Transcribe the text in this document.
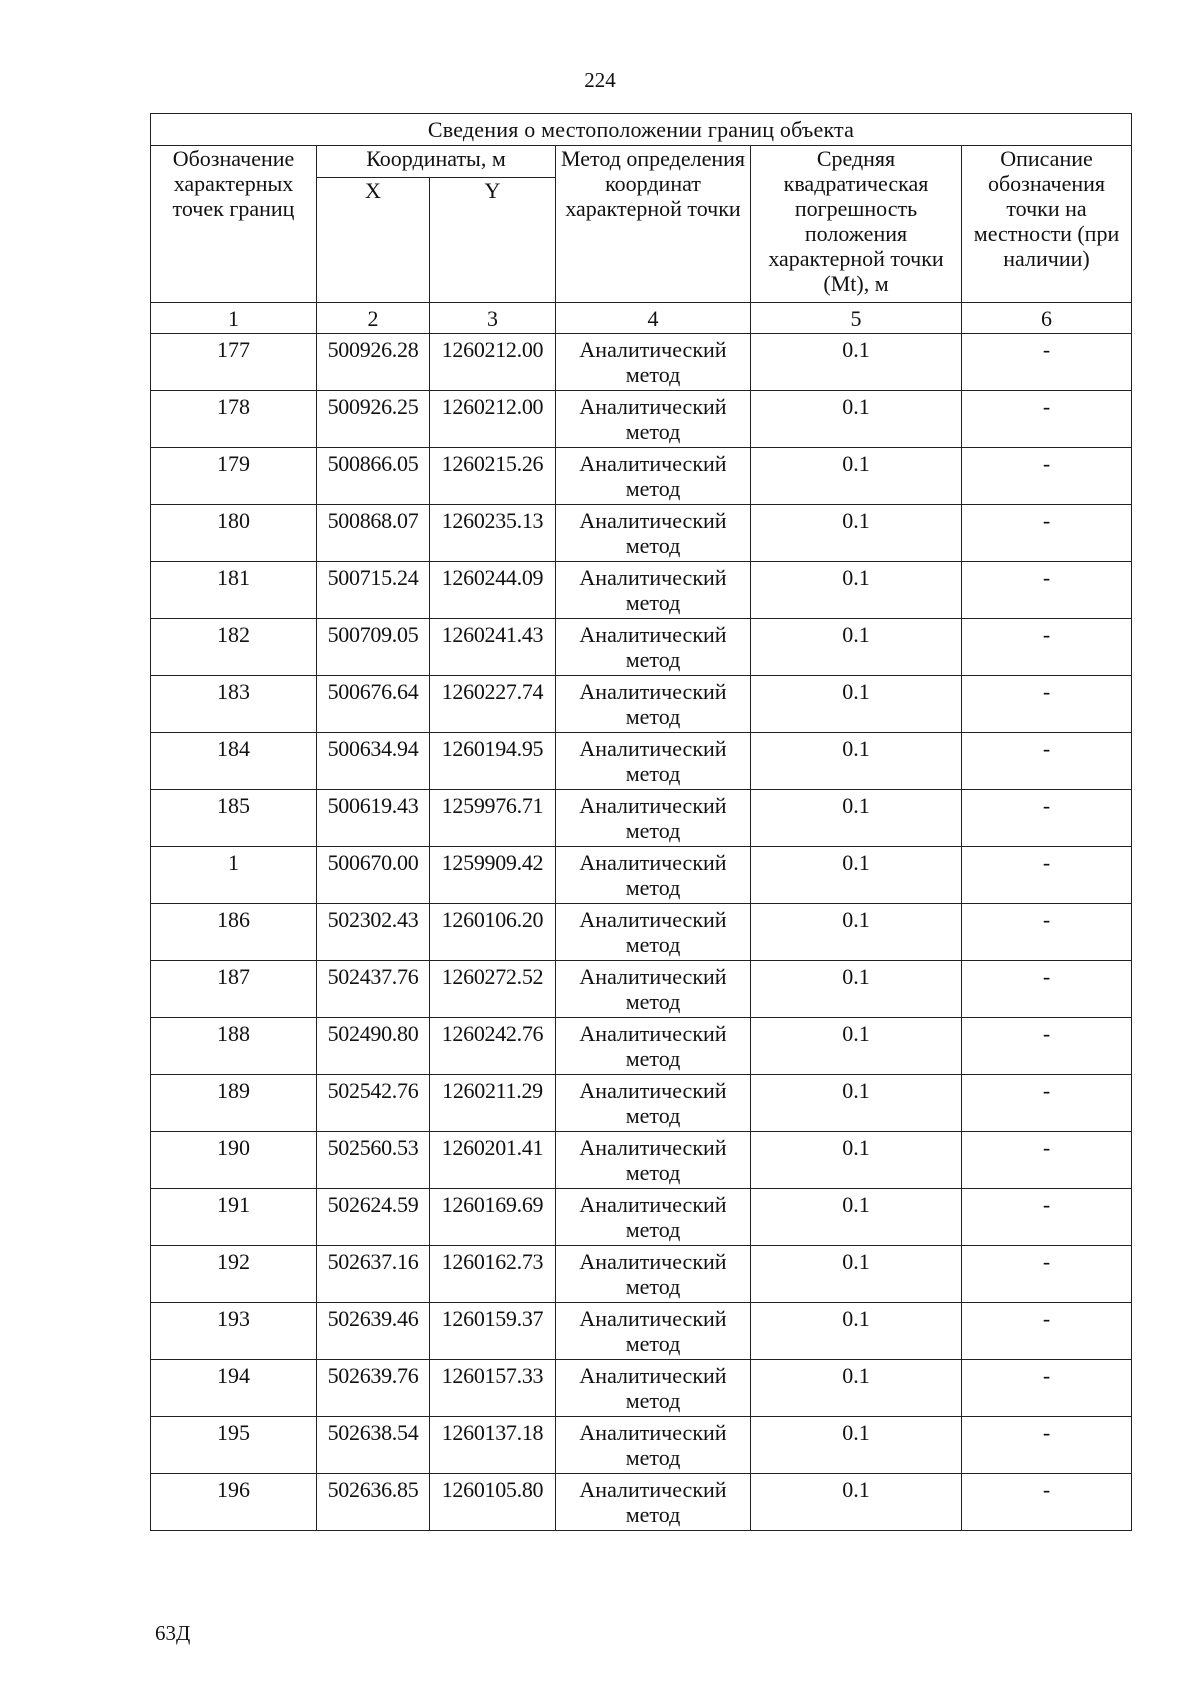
224
Сведения о местоположении границ объекта					
Обозначение характерных точек границ	Координаты, м		Метод определения координат характерной точки	Средняя квадратическая погрешность положения характерной точки (Mt), м	Описание обозначения точки на местности (при наличии)
	X	Y			
1	2	3	4	5	6
177	500926.28	1260212.00	Аналитический метод	0.1	-
178	500926.25	1260212.00	Аналитический метод	0.1	-
179	500866.05	1260215.26	Аналитический метод	0.1	-
180	500868.07	1260235.13	Аналитический метод	0.1	-
181	500715.24	1260244.09	Аналитический метод	0.1	-
182	500709.05	1260241.43	Аналитический метод	0.1	-
183	500676.64	1260227.74	Аналитический метод	0.1	-
184	500634.94	1260194.95	Аналитический метод	0.1	-
185	500619.43	1259976.71	Аналитический метод	0.1	-
1	500670.00	1259909.42	Аналитический метод	0.1	-
186	502302.43	1260106.20	Аналитический метод	0.1	-
187	502437.76	1260272.52	Аналитический метод	0.1	-
188	502490.80	1260242.76	Аналитический метод	0.1	-
189	502542.76	1260211.29	Аналитический метод	0.1	-
190	502560.53	1260201.41	Аналитический метод	0.1	-
191	502624.59	1260169.69	Аналитический метод	0.1	-
192	502637.16	1260162.73	Аналитический метод	0.1	-
193	502639.46	1260159.37	Аналитический метод	0.1	-
194	502639.76	1260157.33	Аналитический метод	0.1	-
195	502638.54	1260137.18	Аналитический метод	0.1	-
196	502636.85	1260105.80	Аналитический метод	0.1	-
63Д
